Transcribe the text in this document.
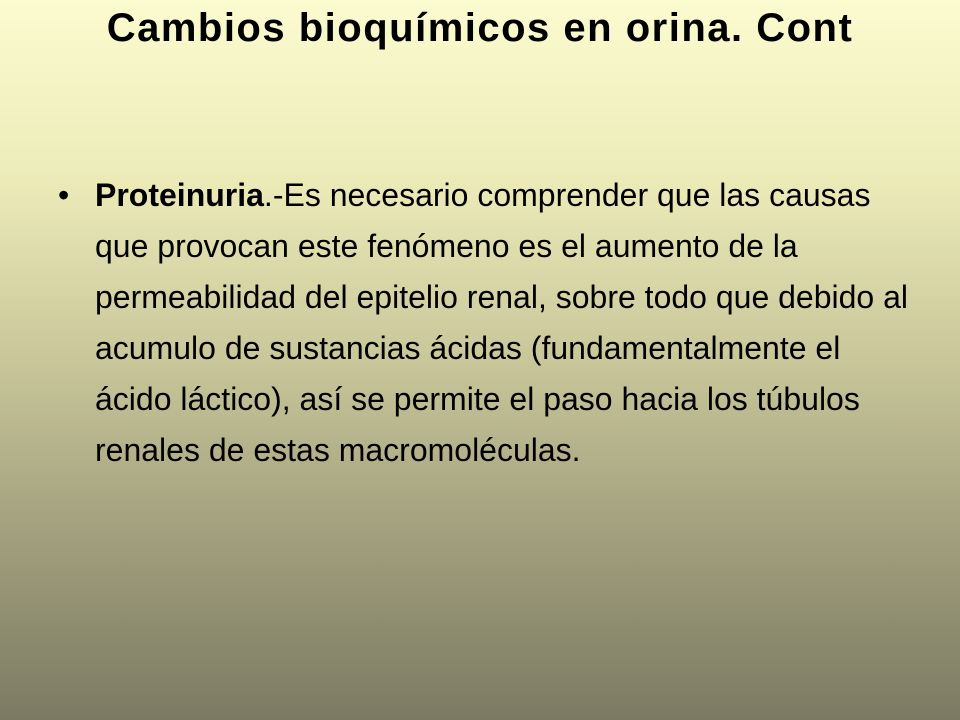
Cambios bioquímicos en orina. Cont
• Proteinuria.-Es necesario comprender que las causas que provocan este fenómeno es el aumento de la permeabilidad del epitelio renal, sobre todo que debido al acumulo de sustancias ácidas (fundamentalmente el ácido láctico), así se permite el paso hacia los túbulos renales de estas macromoléculas.
